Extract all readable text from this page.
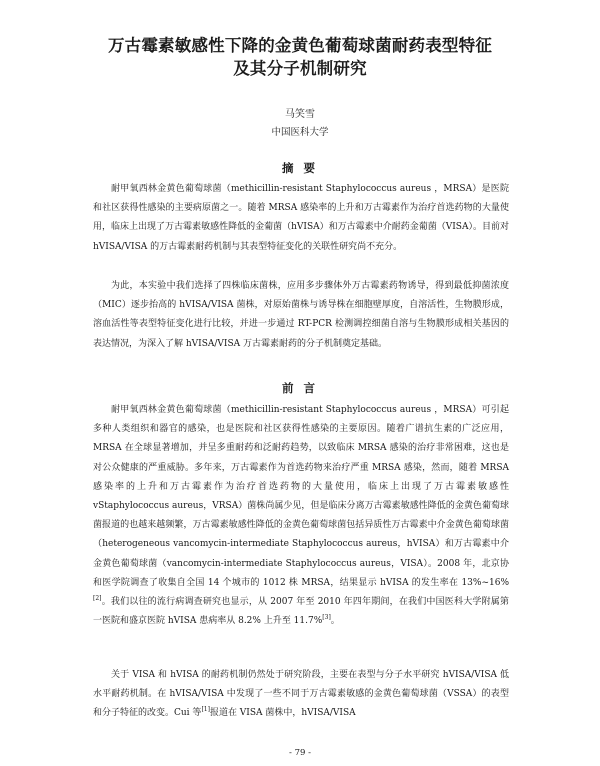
万古霉素敏感性下降的金黄色葡萄球菌耐药表型特征
及其分子机制研究
马笑雪
中国医科大学
摘 要

耐甲氧西林金黄色葡萄球菌（methicillin-resistant Staphylococcus aureus ，MRSA）是医院和社区获得性感染的主要病原菌之一。随着 MRSA 感染率的上升和万古霉素作为治疗首选药物的大量使用，临床上出现了万古霉素敏感性降低的金葡菌（hVISA）和万古霉素中介耐药金葡菌（VISA）。目前对 hVISA/VISA 的万古霉素耐药机制与其表型特征变化的关联性研究尚不充分。

为此，本实验中我们选择了四株临床菌株，应用多步骤体外万古霉素药物诱导，得到最低抑菌浓度（MIC）逐步抬高的 hVISA/VISA 菌株，对原始菌株与诱导株在细胞壁厚度，自溶活性，生物膜形成，溶血活性等表型特征变化进行比较，并进一步通过 RT-PCR 检测调控细菌自溶与生物膜形成相关基因的表达情况，为深入了解 hVISA/VISA 万古霉素耐药的分子机制奠定基础。

前 言

耐甲氧西林金黄色葡萄球菌（methicillin-resistant Staphylococcus aureus ，MRSA）可引起多种人类组织和器官的感染，也是医院和社区获得性感染的主要原因。随着广谱抗生素的广泛应用，MRSA 在全球显著增加，并呈多重耐药和泛耐药趋势，以致临床 MRSA 感染的治疗非常困难，这也是对公众健康的严重威胁。多年来，万古霉素作为首选药物来治疗严重 MRSA 感染，然而，随着 MRSA 感染率的上升和万古霉素作为治疗首选药物的大量使用，临床上出现了万古霉素敏感性 vStaphylococcus aureus，VRSA）菌株尚属少见，但是临床分离万古霉素敏感性降低的金黄色葡萄球菌报道的也越来越频繁，万古霉素敏感性降低的金黄色葡萄球菌包括异质性万古霉素中介金黄色葡萄球菌（heterogeneous vancomycin-intermediate Staphylococcus aureus，hVISA）和万古霉素中介金黄色葡萄球菌（vancomycin-intermediate Staphylococcus aureus，VISA）。2008 年，北京协和医学院调查了收集自全国 14 个城市的 1012 株 MRSA，结果显示 hVISA 的发生率在 13%~16%[2]。我们以往的流行病调查研究也显示，从 2007 年至 2010 年四年期间，在我们中国医科大学附属第一医院和盛京医院 hVISA 患病率从 8.2% 上升至 11.7%[3]。

关于 VISA 和 hVISA 的耐药机制仍然处于研究阶段，主要在表型与分子水平研究 hVISA/VISA 低水平耐药机制。在 hVISA/VISA 中发现了一些不同于万古霉素敏感的金黄色葡萄球菌（VSSA）的表型和分子特征的改变。Cui 等[1]报道在 VISA 菌株中，hVISA/VISA

- 79 -
